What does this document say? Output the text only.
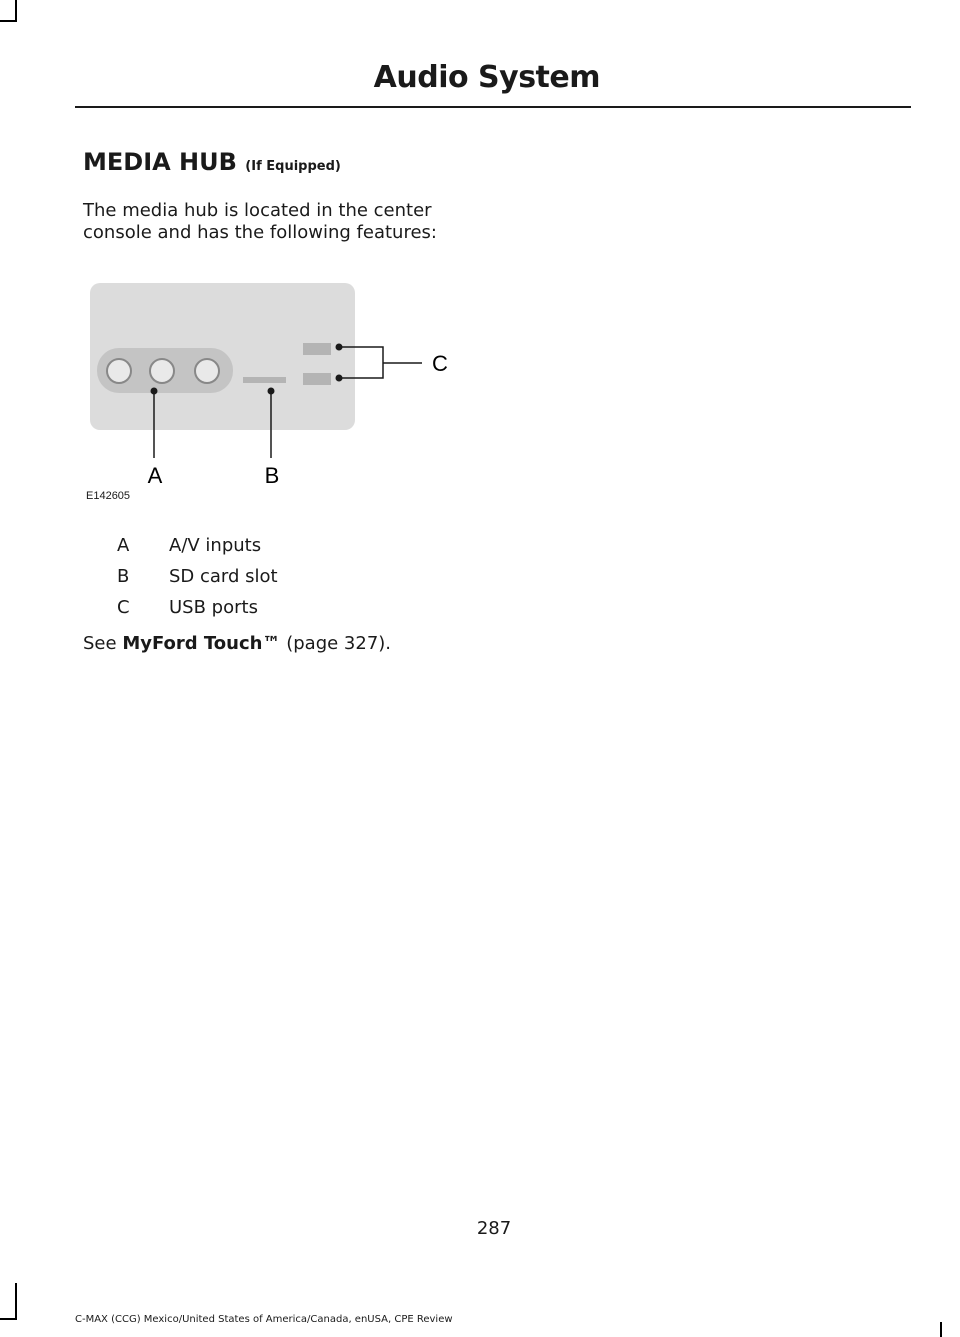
Audio System
MEDIA HUB (If Equipped)
The media hub is located in the center console and has the following features:
A	B
C
E142605
A	A/V inputs
B	SD card slot
C	USB ports
See MyFord Touch™ (page 327).
287
C-MAX (CCG) Mexico/United States of America/Canada, enUSA, CPE Review
